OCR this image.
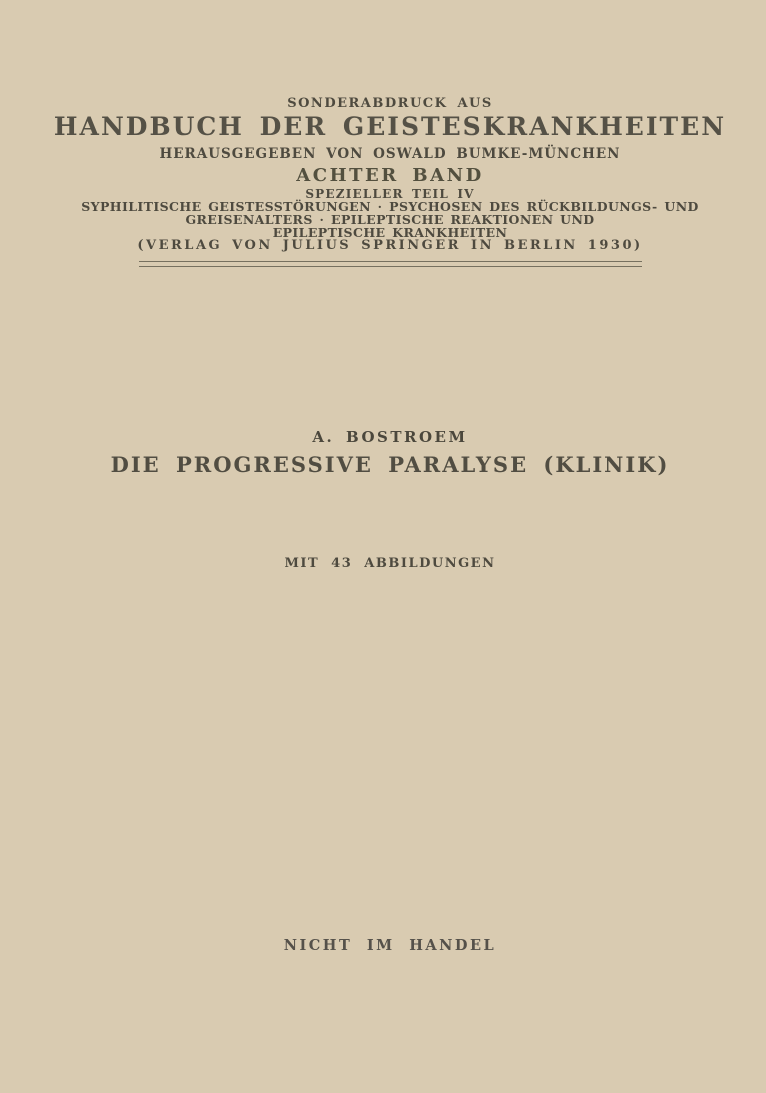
SONDERABDRUCK AUS
HANDBUCH DER GEISTESKRANKHEITEN
HERAUSGEGEBEN VON OSWALD BUMKE-MÜNCHEN
ACHTER BAND
SPEZIELLER TEIL IV
SYPHILITISCHE GEISTESSTÖRUNGEN · PSYCHOSEN DES RÜCKBILDUNGS- UND
GREISENALTERS · EPILEPTISCHE REAKTIONEN UND
EPILEPTISCHE KRANKHEITEN
(VERLAG VON JULIUS SPRINGER IN BERLIN 1930)
A. BOSTROEM
DIE PROGRESSIVE PARALYSE (KLINIK)
MIT 43 ABBILDUNGEN
NICHT IM HANDEL
